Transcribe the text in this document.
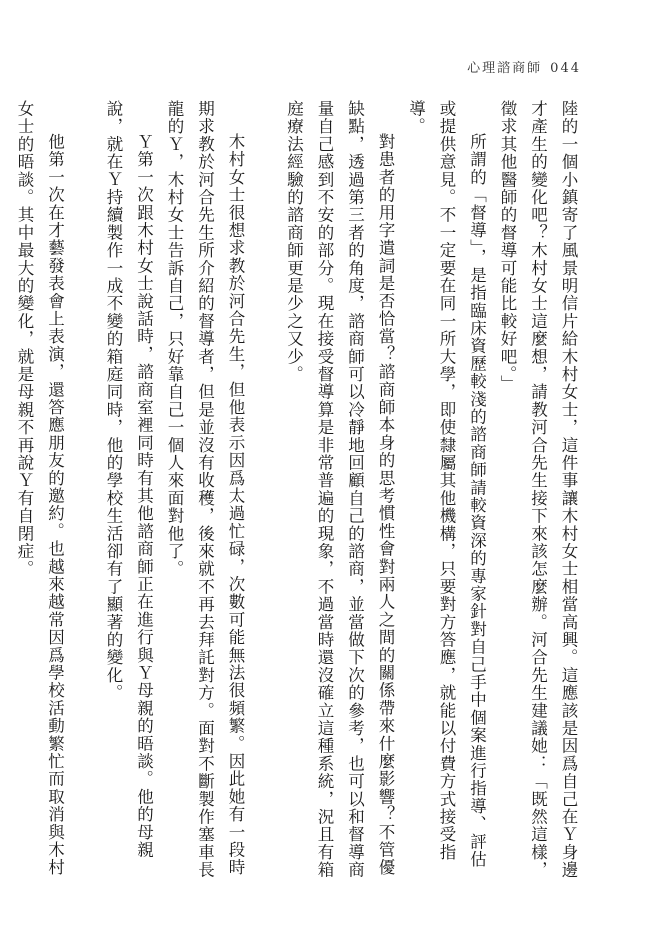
心理諮商師 044

陸的一個小鎮寄了風景明信片給木村女士，這件事讓木村女士相當高興。這應該是因爲自己在Ｙ身邊才產生的變化吧？木村女士這麼想，請教河合先生接下來該怎麼辦。河合先生建議她：「既然這樣，徵求其他醫師的督導可能比較好吧。」

所謂的「督導」，是指臨床資歷較淺的諮商師請較資深的專家針對自己手中個案進行指導、評估或提供意見。不一定要在同一所大學，即使隸屬其他機構，只要對方答應，就能以付費方式接受指導。

對患者的用字遣詞是否恰當？諮商師本身的思考慣性會對兩人之間的關係帶來什麼影響？不管優缺點，透過第三者的角度，諮商師可以冷靜地回顧自己的諮商，並當做下次的參考，也可以和督導商量自己感到不安的部分。現在接受督導算是非常普遍的現象，不過當時還沒確立這種系統，況且有箱庭療法經驗的諮商師更是少之又少。

木村女士很想求教於河合先生，但他表示因爲太過忙碌，次數可能無法很頻繁。因此她有一段時期求教於河合先生所介紹的督導者，但是並沒有收穫，後來就不再去拜託對方。面對不斷製作塞車長龍的Ｙ，木村女士告訴自己，只好靠自己一個人來面對他了。

Ｙ第一次跟木村女士說話時，諮商室裡同時有其他諮商師正在進行與Ｙ母親的晤談。他的母親說，就在Ｙ持續製作一成不變的箱庭同時，他的學校生活卻有了顯著的變化。

他第一次在才藝發表會上表演，還答應朋友的邀約。也越來越常因爲學校活動繁忙而取消與木村女士的晤談。其中最大的變化，就是母親不再說Ｙ有自閉症。
